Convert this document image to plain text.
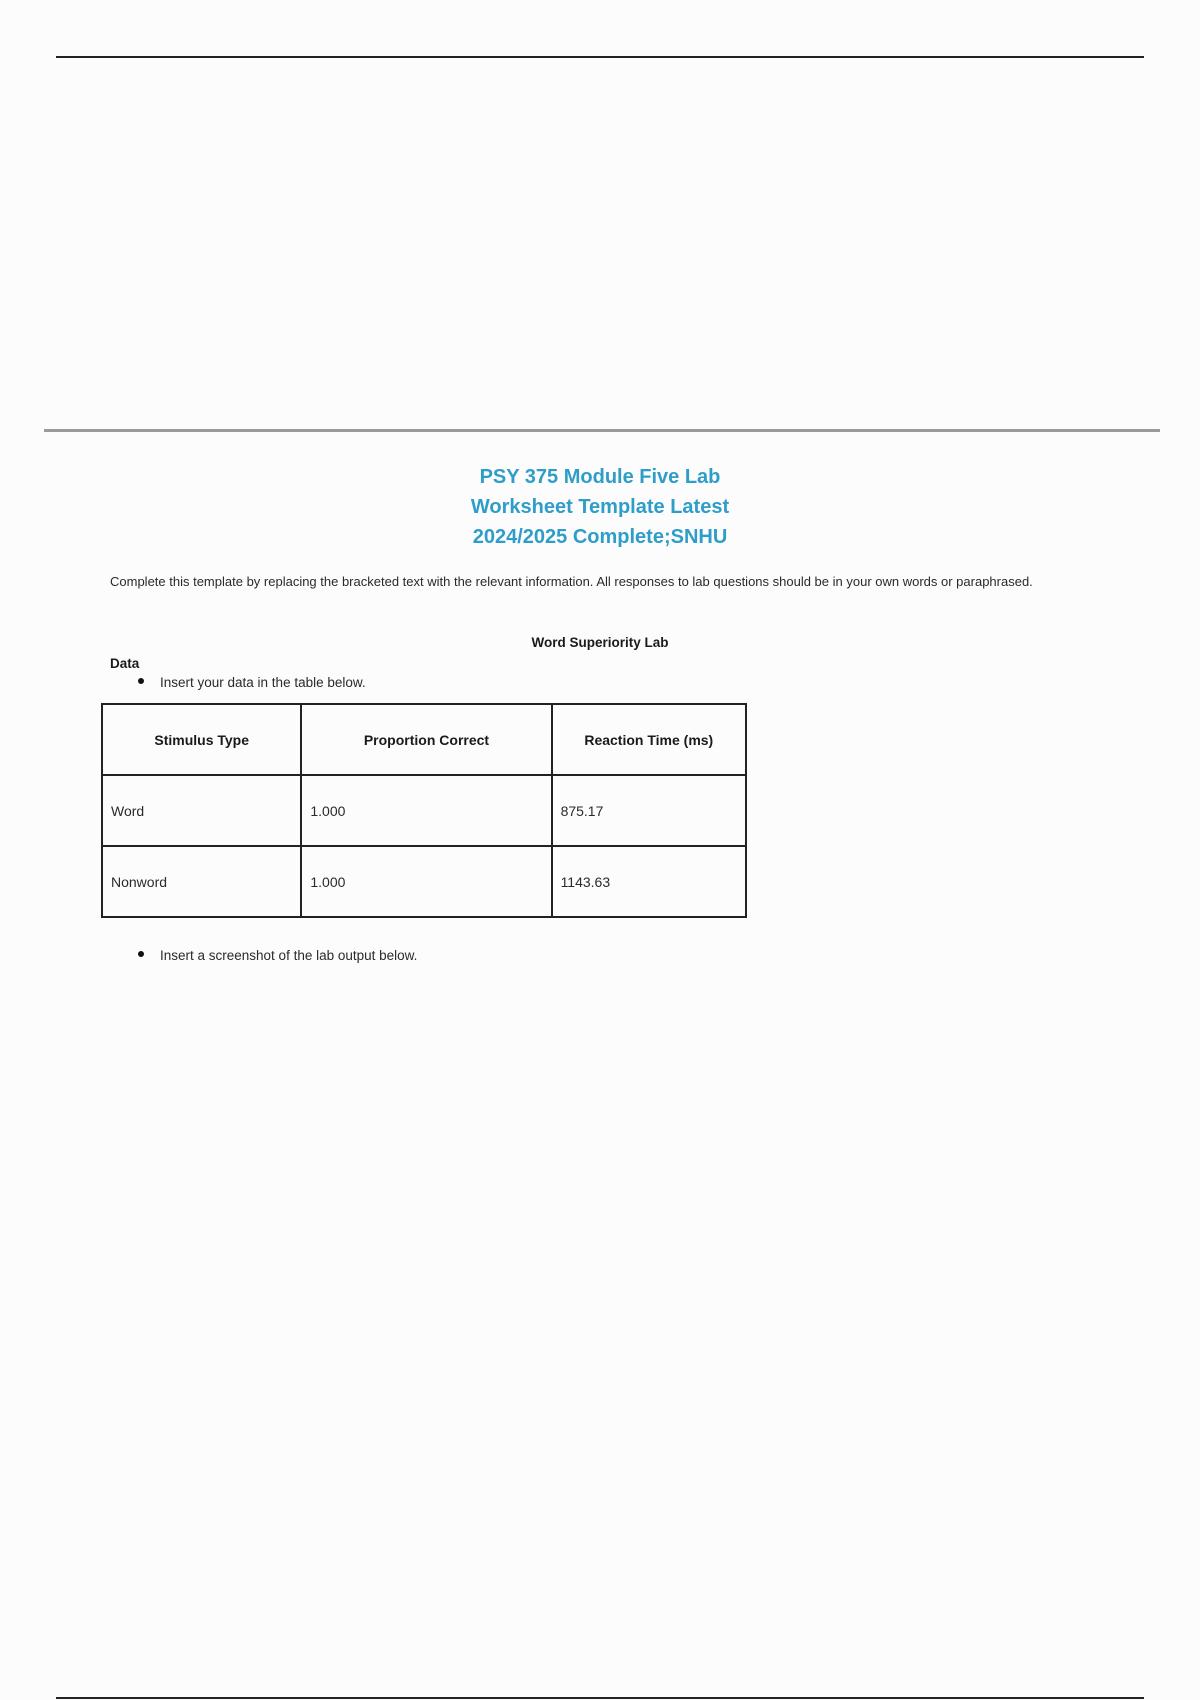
PSY 375 Module Five Lab
Worksheet Template Latest
2024/2025 Complete;SNHU
Complete this template by replacing the bracketed text with the relevant information. All responses to lab questions should be in your own words or paraphrased.
Word Superiority Lab
Data
Insert your data in the table below.
Stimulus Type	Proportion Correct	Reaction Time (ms)
Word	1.000	875.17
Nonword	1.000	1143.63
Insert a screenshot of the lab output below.
